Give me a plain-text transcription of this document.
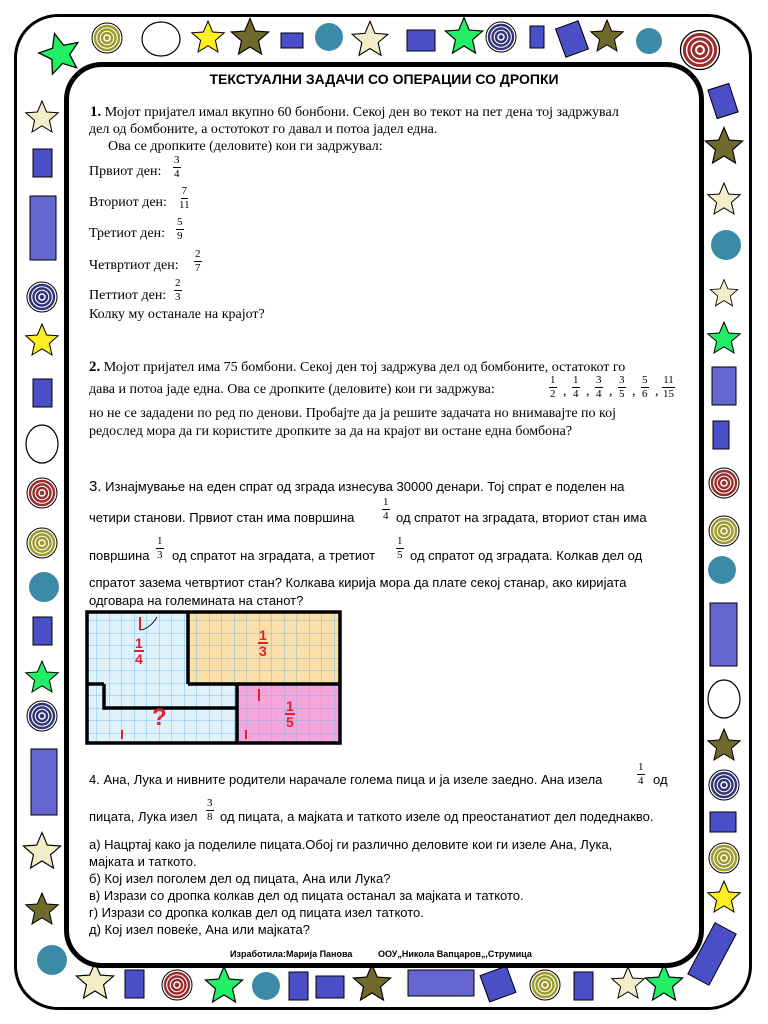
ТЕКСТУАЛНИ ЗАДАЧИ СО ОПЕРАЦИИ СО ДРОПКИ
1. Мојот пријател имал вкупно 60 бонбони. Секој ден во текот на пет дена тој задржувал
дел од бомбоните, а остотокот го давал и потоа јадел една.
Ова се дропките (деловите) кои ги задржувал:
Првиот ден: $\frac{3}{4}$
Вториот ден: $\frac{7}{11}$
Третиот ден: $\frac{5}{9}$
Четвртиот ден: $\frac{2}{7}$
Петтиот ден: $\frac{2}{3}$
Колку му останале на крајот?
2. Мојот пријател има 75 бомбони. Секој ден тој задржува дел од бомбоните, остатокот го
дава и потоа јаде една. Ова се дропките (деловите) кои ги задржува:	$\frac{1}{2}$ , $\frac{1}{4}$ , $\frac{3}{4}$ , $\frac{3}{5}$ , $\frac{5}{6}$ , $\frac{11}{15}$
но не се зададени по ред по денови. Пробајте да ја решите задачата но внимавајте по кој
редослед мора да ги користите дропките за да на крајот ви остане една бомбона?
3. Изнајмување на еден спрат од зграда изнесува 30000 денари. Тој спрат е поделен на
четири станови. Првиот стан има површина	$\frac{1}{4}$ од спратот на зградата, вториот стан има
површина $\frac{1}{3}$ од спратот на зградата, а третиот $\frac{1}{5}$ од спратот од зградата. Колкав дел од
спратот зазема четвртиот стан? Колкава кирија мора да плате секој станар, ако киријата
одговара на големината на станот?
$\frac{1}{4}$	$\frac{1}{3}$
$\frac{1}{5}$
?
4. Ана, Лука и нивните родители нарачале голема пица и ја изеле заедно. Ана изела	$\frac{1}{4}$ од
пицата, Лука изел $\frac{3}{8}$ од пицата, а мајката и таткото изеле од преостанатиот дел подеднакво.
а) Нацртај како ја поделиле пицата.Обој ги различно деловите кои ги изеле Ана, Лука,
мајката и таткото.
б) Кој изел поголем дел од пицата, Ана или Лука?
в) Изрази со дропка колкав дел од пицата останал за мајката и таткото.
г) Изрази со дропка колкав дел од пицата изел таткото.
д) Кој изел повеќе, Ана или мајката?
Изработила:Марија Панова	ООУ„Никола Вапцаров„,Струмица
